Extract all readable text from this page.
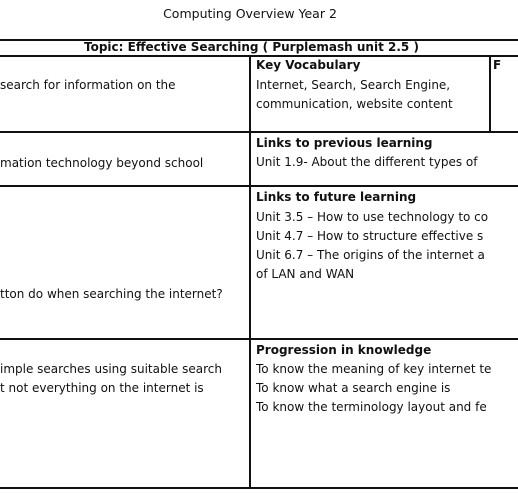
Computing Overview Year 2
Topic: Effective Searching ( Purplemash unit 2.5 )
search for information on the
mation technology beyond school
tton do when searching the internet?
imple searches using suitable search
t not everything on the internet is
Key Vocabulary
Internet, Search, Search Engine,
communication, website content
F
Links to previous learning
Unit 1.9- About the different types of
Links to future learning
Unit 3.5 – How to use technology to co
Unit 4.7 – How to structure effective s
Unit 6.7 – The origins of the internet a
of LAN and WAN
Progression in knowledge
To know the meaning of key internet te
To know what a search engine is
To know the terminology layout and fe
